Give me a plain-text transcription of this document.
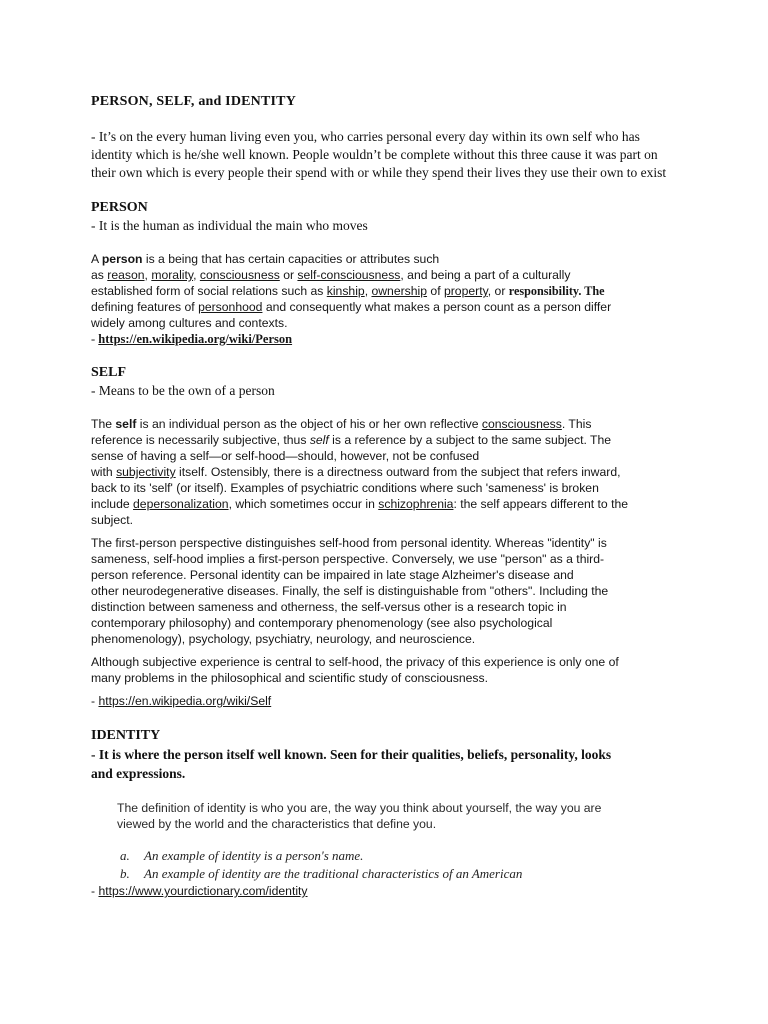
PERSON, SELF, and IDENTITY

- It’s on the every human living even you, who carries personal every day within its own self who has identity which is he/she well known. People wouldn’t be complete without this three cause it was part on their own which is every people their spend with or while they spend their lives they use their own to exist

PERSON

- It is the human as individual the main who moves

A person is a being that has certain capacities or attributes such
as reason, morality, consciousness or self-consciousness, and being a part of a culturally
established form of social relations such as kinship, ownership of property, or responsibility. The
defining features of personhood and consequently what makes a person count as a person differ
widely among cultures and contexts.
- https://en.wikipedia.org/wiki/Person

SELF

- Means to be the own of a person

The self is an individual person as the object of his or her own reflective consciousness. This
reference is necessarily subjective, thus self is a reference by a subject to the same subject. The
sense of having a self—or self-hood—should, however, not be confused
with subjectivity itself. Ostensibly, there is a directness outward from the subject that refers inward,
back to its 'self' (or itself). Examples of psychiatric conditions where such 'sameness' is broken
include depersonalization, which sometimes occur in schizophrenia: the self appears different to the
subject.
The first-person perspective distinguishes self-hood from personal identity. Whereas "identity" is
sameness, self-hood implies a first-person perspective. Conversely, we use "person" as a third-
person reference. Personal identity can be impaired in late stage Alzheimer's disease and
other neurodegenerative diseases. Finally, the self is distinguishable from "others". Including the
distinction between sameness and otherness, the self-versus other is a research topic in
contemporary philosophy) and contemporary phenomenology (see also psychological
phenomenology), psychology, psychiatry, neurology, and neuroscience.
Although subjective experience is central to self-hood, the privacy of this experience is only one of
many problems in the philosophical and scientific study of consciousness.
- https://en.wikipedia.org/wiki/Self

IDENTITY

- It is where the person itself well known. Seen for their qualities, beliefs, personality, looks
and expressions.

The definition of identity is who you are, the way you think about yourself, the way you are
viewed by the world and the characteristics that define you.
a. An example of identity is a person's name.
b. An example of identity are the traditional characteristics of an American
- https://www.yourdictionary.com/identity
